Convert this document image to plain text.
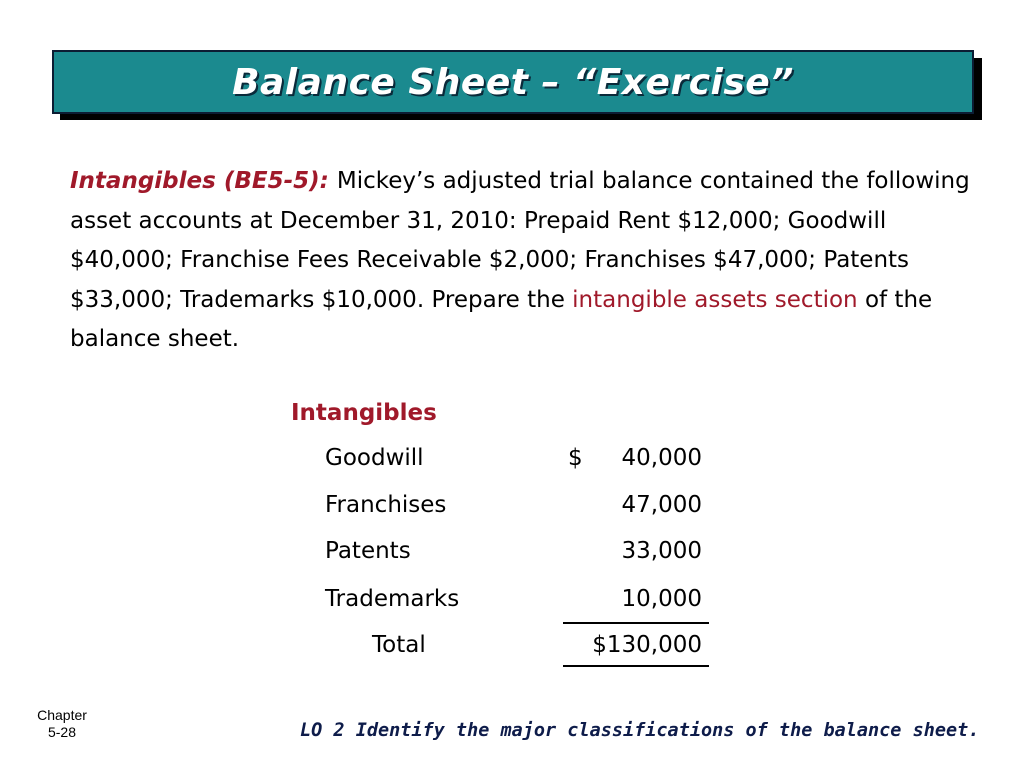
Balance Sheet – “Exercise”
Intangibles (BE5-5): Mickey’s adjusted trial balance contained the following asset accounts at December 31, 2010: Prepaid Rent $12,000; Goodwill $40,000; Franchise Fees Receivable $2,000; Franchises $47,000; Patents $33,000; Trademarks $10,000. Prepare the intangible assets section of the balance sheet.
Intangibles
Goodwill	$	40,000
Franchises	47,000
Patents	33,000
Trademarks	10,000
Total	$130,000
Chapter
5-28	LO 2 Identify the major classifications of the balance sheet.
